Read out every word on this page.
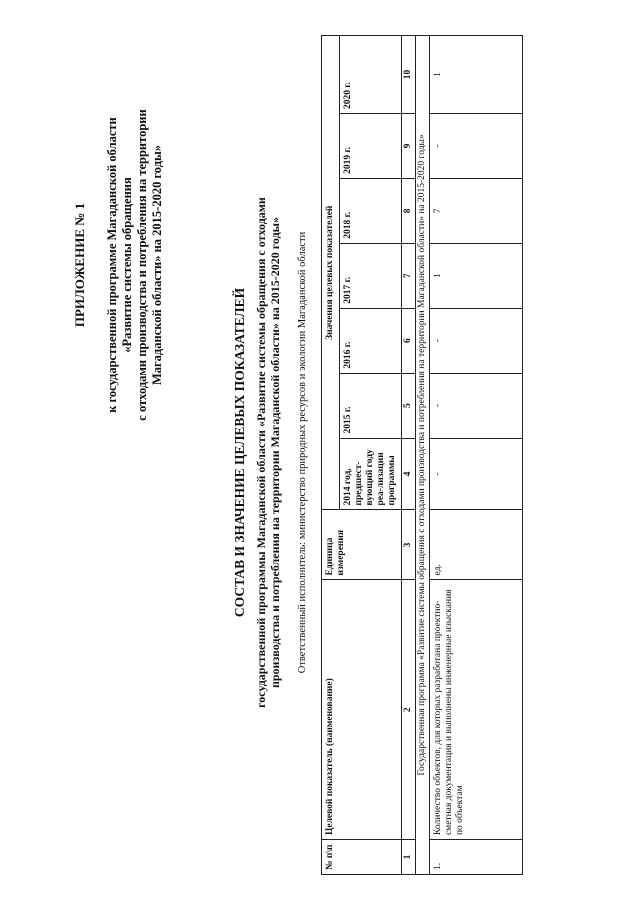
ПРИЛОЖЕНИЕ № 1 к государственной программе Магаданской области «Развитие системы обращения с отходами производства и потребления на территории Магаданской области» на 2015-2020 годы»
СОСТАВ И ЗНАЧЕНИЕ ЦЕЛЕВЫХ ПОКАЗАТЕЛЕЙ государственной программы Магаданской области «Развитие системы обращения с отходами производства и потребления на территории Магаданской области» на 2015-2020 годы» Ответственный исполнитель: министерство природных ресурсов и экологии Магаданской области
№ п\п	Целевой показатель (наименование)	Единица измерения	Значения целевых показателей						
			2014 год, предшест-вующий году реа-лизации программы	2015 г.	2016 г.	2017 г.	2018 г.	2019 г.	2020 г.
1	2	3	4	5	6	7	8	9	10
Государственная программа «Развитие системы обращения с отходами производства и потребления на территории Магаданской области» на 2015-2020 годы»									
1.	Количество объектов, для которых разработана проектно-сметная документация и выполнены инженерные изыскания по объектам	ед.	-	-	-	1	7	-	1
